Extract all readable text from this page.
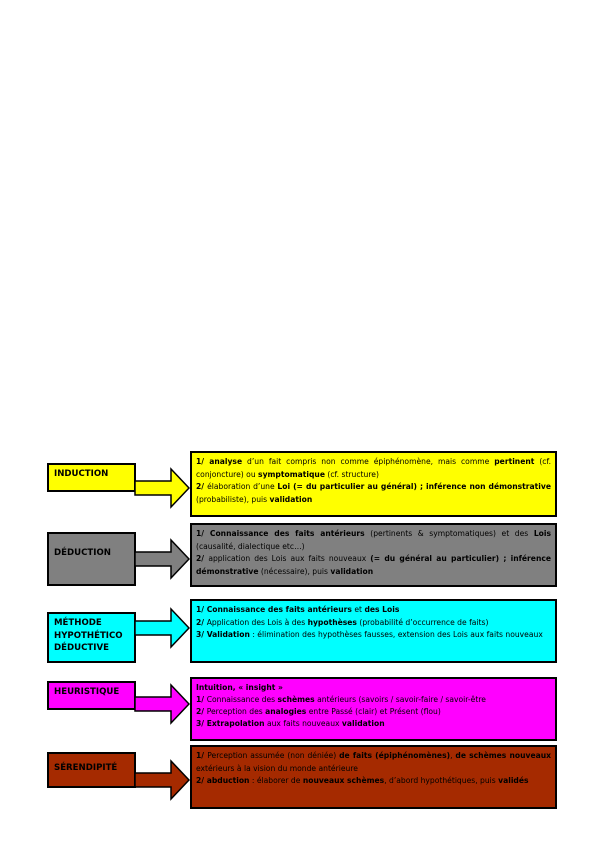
INDUCTION

1/ analyse d’un fait compris non comme épiphénomène, mais comme pertinent (cf. conjoncture) ou symptomatique (cf. structure)

2/ élaboration d’une Loi (= du particulier au général) ; inférence non démonstrative (probabiliste), puis validation

DÉDUCTION

1/ Connaissance des faits antérieurs (pertinents & symptomatiques) et des Lois (causalité, dialectique etc…)

2/ application des Lois aux faits nouveaux (= du général au particulier) ; inférence démonstrative (nécessaire), puis validation

MÉTHODE HYPOTHÉTICO DÉDUCTIVE

1/ Connaissance des faits antérieurs et des Lois

2/ Application des Lois à des hypothèses (probabilité d’occurrence de faits)

3/ Validation : élimination des hypothèses fausses, extension des Lois aux faits nouveaux

HEURISTIQUE	Intuition, « insight »

1/ Connaissance des schèmes antérieurs (savoirs / savoir-faire / savoir-être

2/ Perception des analogies entre Passé (clair) et Présent (flou)

3/ Extrapolation aux faits nouveaux validation

SÉRENDIPITÉ

1/ Perception assumée (non déniée) de faits (épiphénomènes), de schèmes nouveaux extérieurs à la vision du monde antérieure

2/ abduction : élaborer de nouveaux schèmes, d’abord hypothétiques, puis validés
